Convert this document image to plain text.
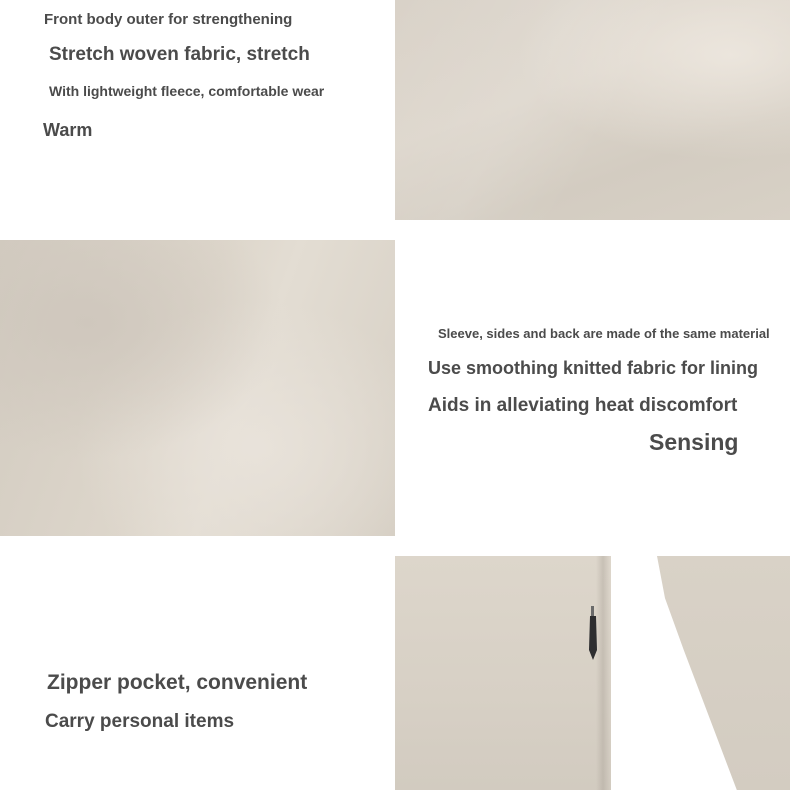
Front body outer for strengthening
Stretch woven fabric, stretch
With lightweight fleece, comfortable wear
Warm
Sleeve, sides and back are made of the same material
Use smoothing knitted fabric for lining
Aids in alleviating heat discomfort
Sensing
Zipper pocket, convenient
Carry personal items
